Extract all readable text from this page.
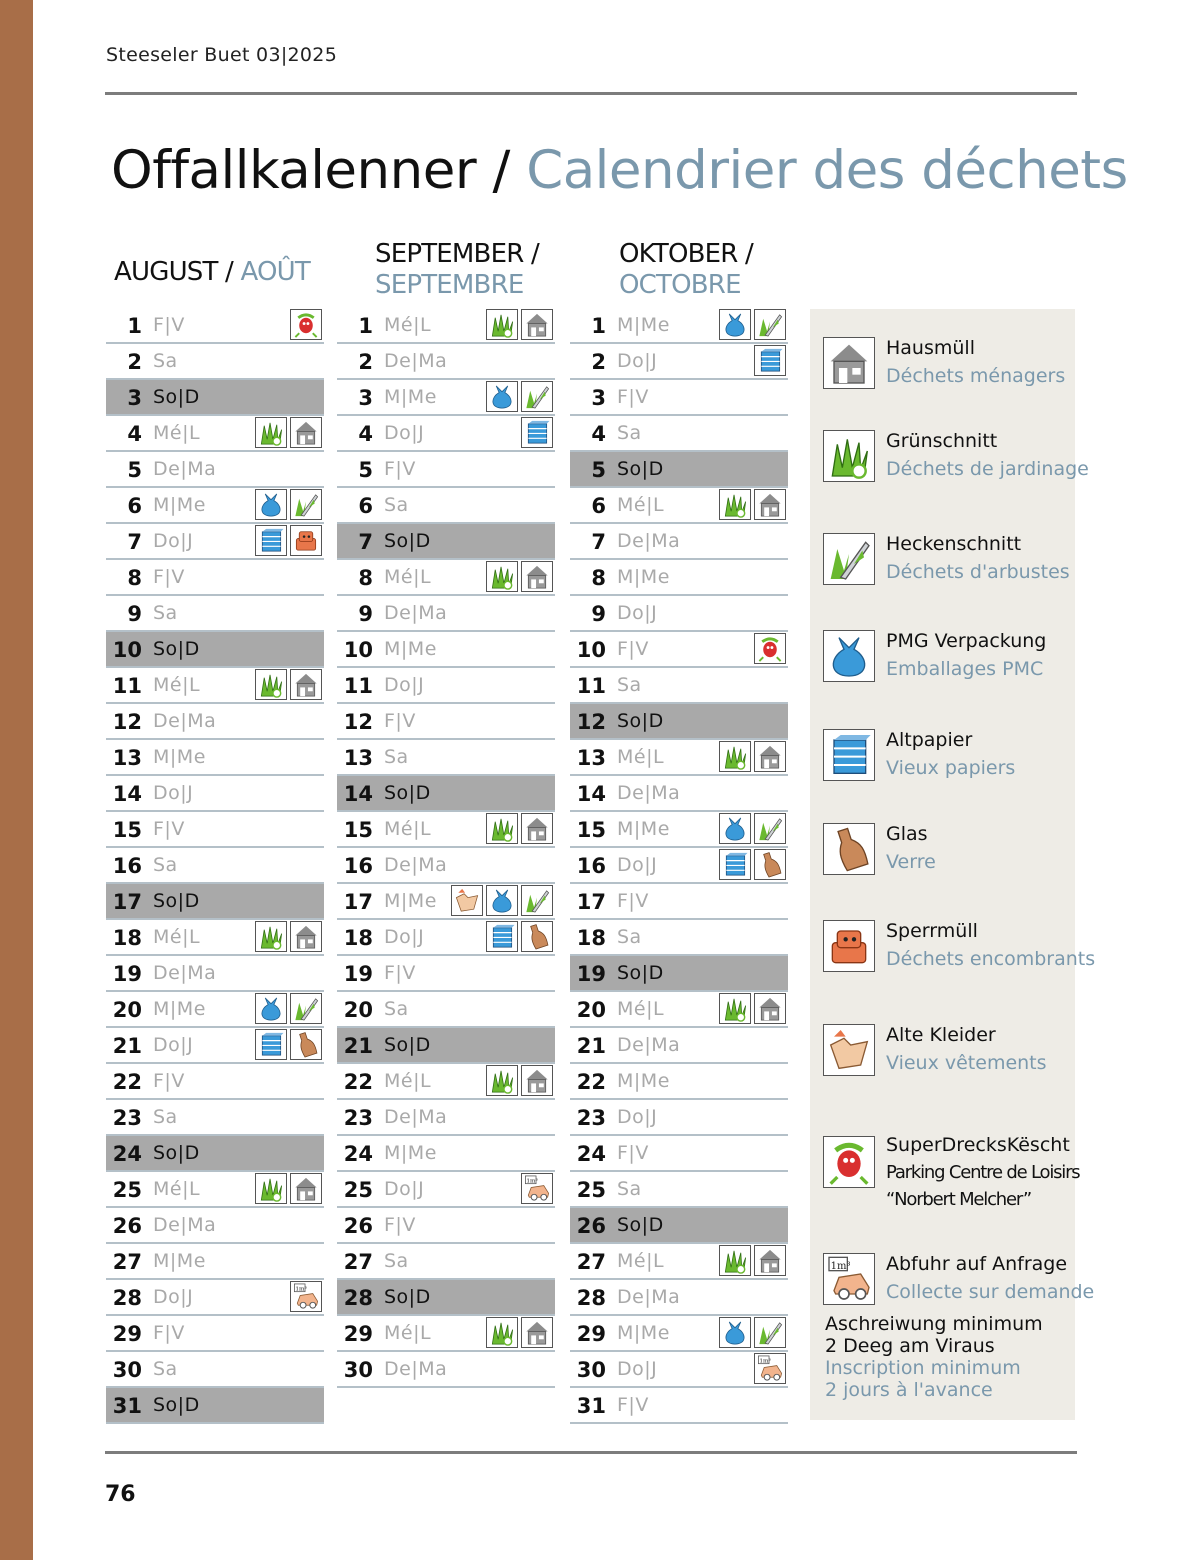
Steeseler Buet 03|2025
Offallkalenner / Calendrier des déchets
AUGUST / AOÛT
SEPTEMBER /
SEPTEMBRE
OKTOBER /
OCTOBRE
1 F|V
2 Sa
3 So|D
4 Mé|L
5 De|Ma
6 M|Me
7 Do|J
8 F|V
9 Sa
10 So|D
11 Mé|L
12 De|Ma
13 M|Me
14 Do|J
15 F|V
16 Sa
17 So|D
18 Mé|L
19 De|Ma
20 M|Me
21 Do|J
22 F|V
23 Sa
24 So|D
25 Mé|L
26 De|Ma
27 M|Me
28 Do|J	1m³
29 F|V
30 Sa
31 So|D
1 Mé|L
2 De|Ma
3 M|Me
4 Do|J
5 F|V
6 Sa
7 So|D
8 Mé|L
9 De|Ma
10 M|Me
11 Do|J
12 F|V
13 Sa
14 So|D
15 Mé|L
16 De|Ma
17 M|Me
18 Do|J
19 F|V
20 Sa
21 So|D
22 Mé|L
23 De|Ma
24 M|Me
25 Do|J	1m³
26 F|V
27 Sa
28 So|D
29 Mé|L
30 De|Ma
1 M|Me
2 Do|J
3 F|V
4 Sa
5 So|D
6 Mé|L
7 De|Ma
8 M|Me
9 Do|J
10 F|V
11 Sa
12 So|D
13 Mé|L
14 De|Ma
15 M|Me
16 Do|J
17 F|V
18 Sa
19 So|D
20 Mé|L
21 De|Ma
22 M|Me
23 Do|J
24 F|V
25 Sa
26 So|D
27 Mé|L
28 De|Ma
29 M|Me
30 Do|J	1m³
31 F|V
Hausmüll
Déchets ménagers
Grünschnitt
Déchets de jardinage
Heckenschnitt
Déchets d'arbustes
PMG Verpackung
Emballages PMC
Altpapier
Vieux papiers
Glas
Verre
Sperrmüll
Déchets encombrants
Alte Kleider
Vieux vêtements
SuperDrecksKëscht
Parking Centre de Loisirs
“Norbert Melcher”
1m³ Abfuhr auf Anfrage
Collecte sur demande
Aschreiwung minimum
2 Deeg am Viraus
Inscription minimum
2 jours à l'avance
76
